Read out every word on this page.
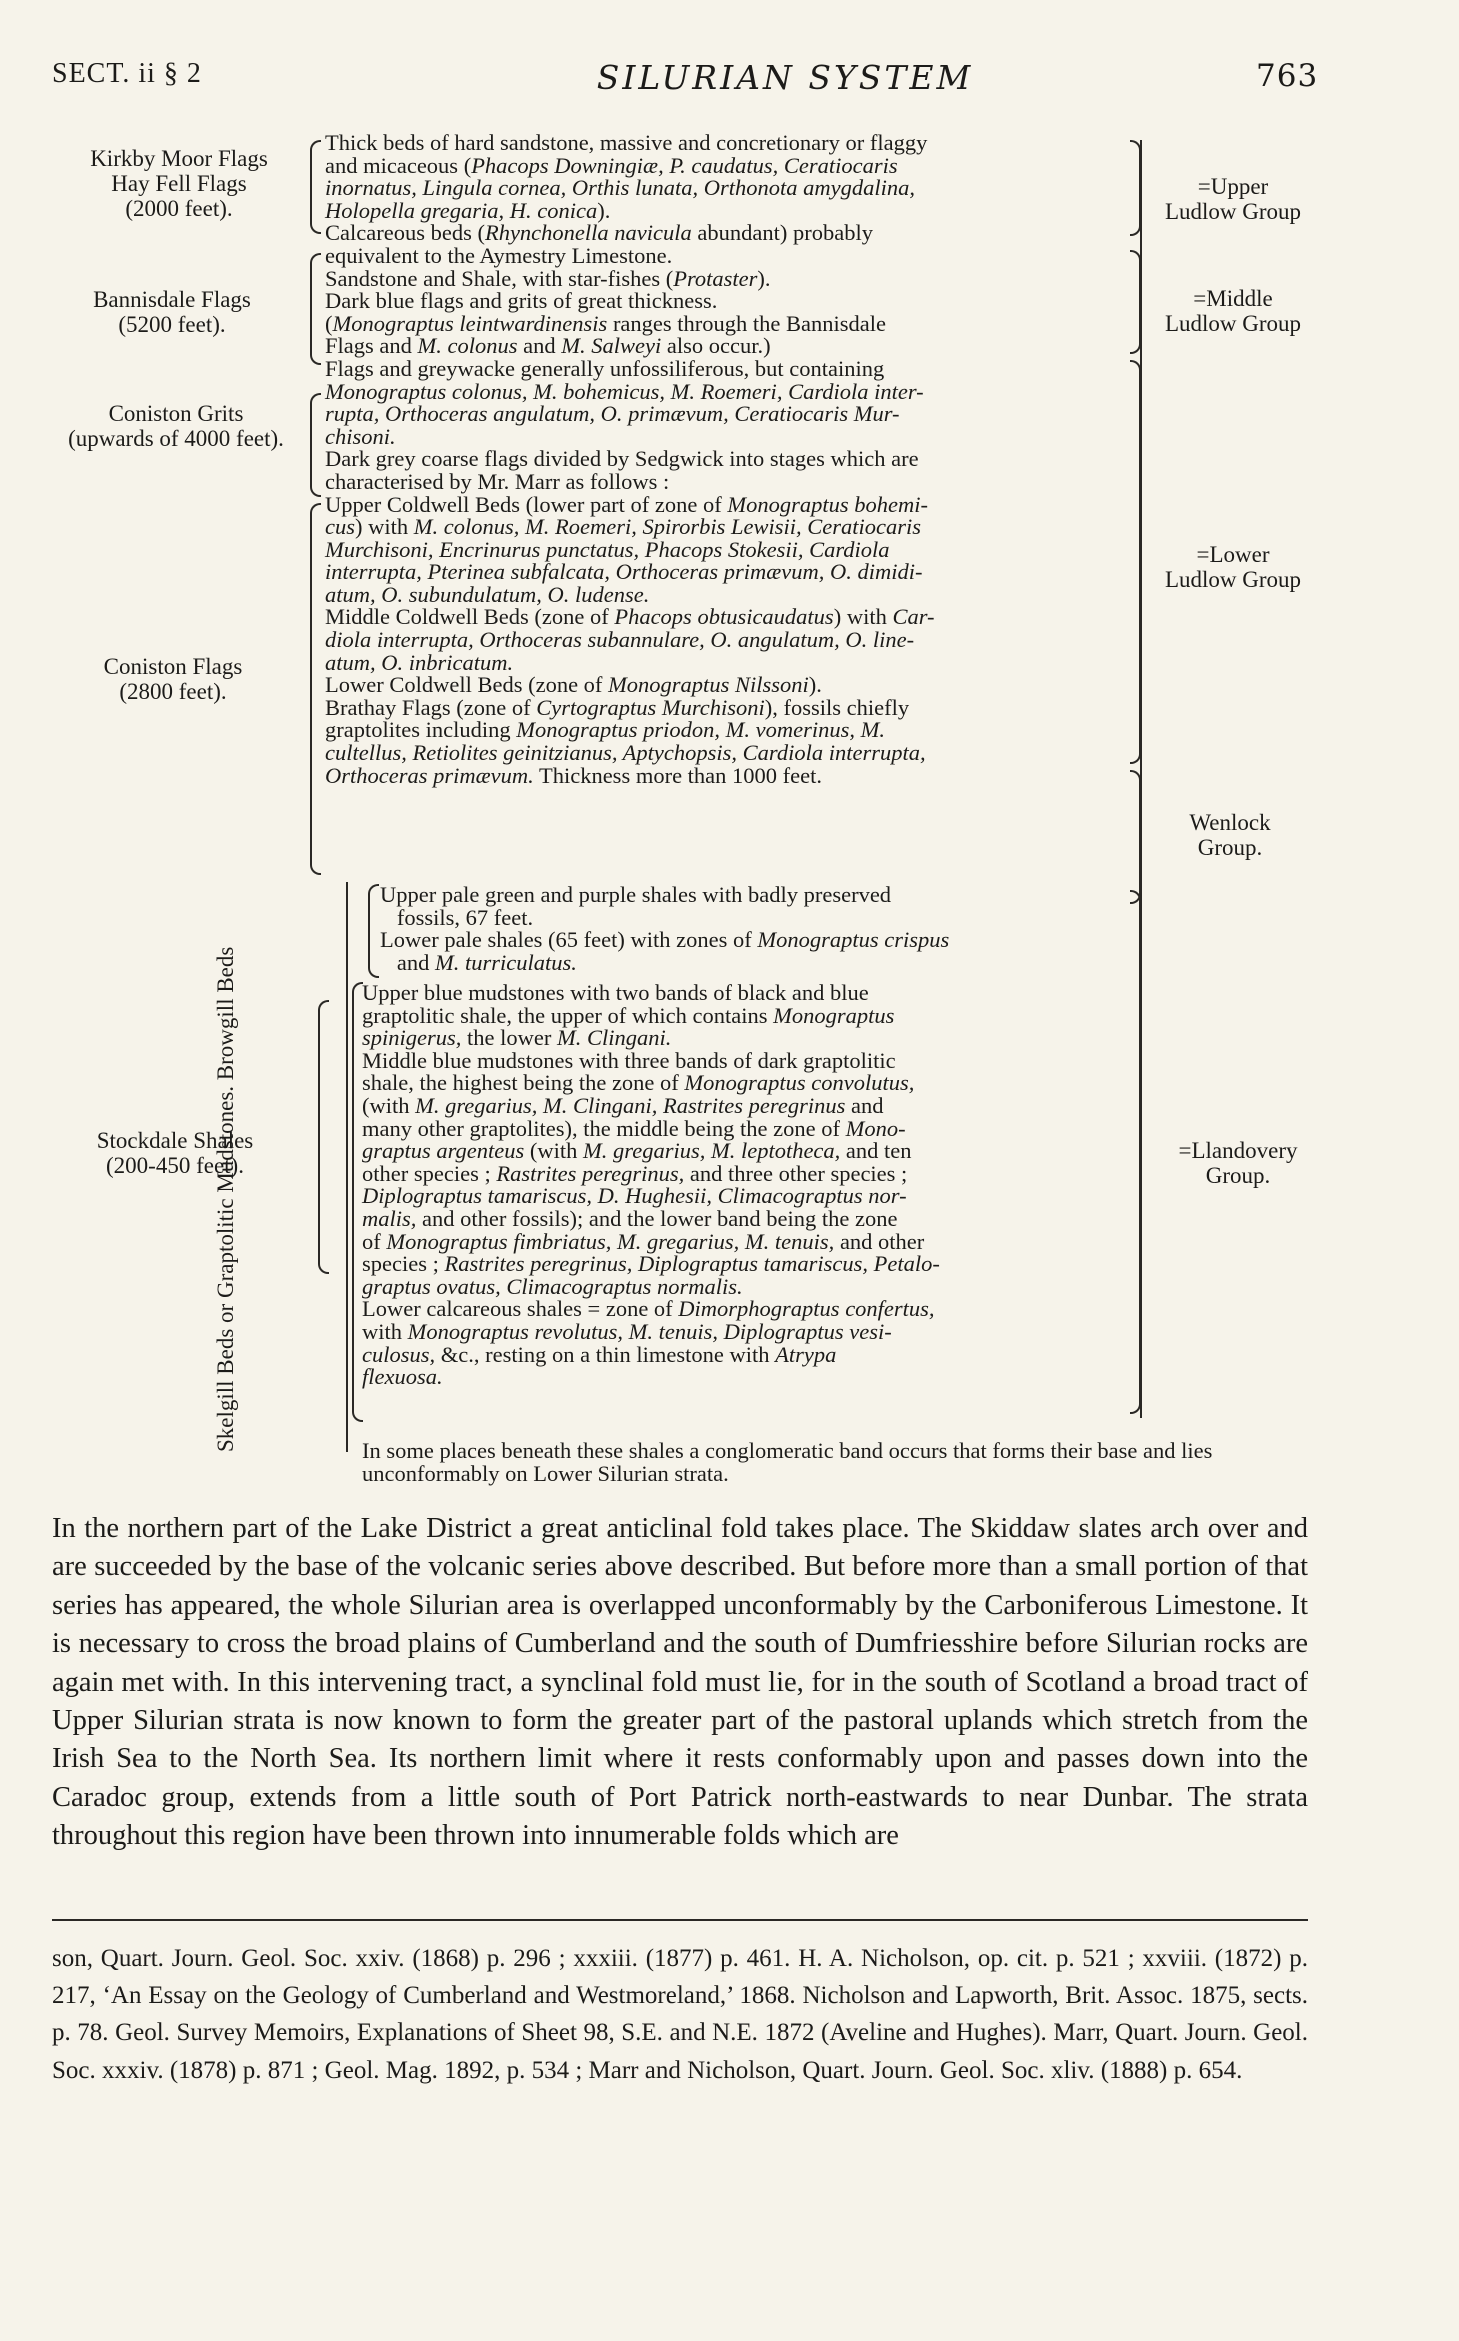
SECT. ii § 2	SILURIAN SYSTEM	763
Kirkby Moor Flags
Hay Fell Flags
(2000 feet).
Bannisdale Flags
(5200 feet).
Coniston Grits
(upwards of 4000 feet).
Coniston Flags
(2800 feet).
Stockdale Shales
(200-450 feet).
=Upper
Ludlow Group
=Middle
Ludlow Group
=Lower
Ludlow Group
Wenlock Group.
=Llandovery
Group.
Thick beds of hard sandstone, massive and concretionary or flaggy
and micaceous (Phacops Downingiæ, P. caudatus, Ceratiocaris
inornatus, Lingula cornea, Orthis lunata, Orthonota amygdalina,
Holopella gregaria, H. conica).
Calcareous beds (Rhynchonella navicula abundant) probably
equivalent to the Aymestry Limestone.
Sandstone and Shale, with star-fishes (Protaster).
Dark blue flags and grits of great thickness.
(Monograptus leintwardinensis ranges through the Bannisdale
Flags and M. colonus and M. Salweyi also occur.)
Flags and greywacke generally unfossiliferous, but containing
Monograptus colonus, M. bohemicus, M. Roemeri, Cardiola inter-
rupta, Orthoceras angulatum, O. primævum, Ceratiocaris Mur-
chisoni.
Dark grey coarse flags divided by Sedgwick into stages which are
characterised by Mr. Marr as follows :
Upper Coldwell Beds (lower part of zone of Monograptus bohemi-
cus) with M. colonus, M. Roemeri, Spirorbis Lewisii, Ceratiocaris
Murchisoni, Encrinurus punctatus, Phacops Stokesii, Cardiola
interrupta, Pterinea subfalcata, Orthoceras primævum, O. dimidi-
atum, O. subundulatum, O. ludense.
Middle Coldwell Beds (zone of Phacops obtusicaudatus) with Car-
diola interrupta, Orthoceras subannulare, O. angulatum, O. line-
atum, O. inbricatum.
Lower Coldwell Beds (zone of Monograptus Nilssoni).
Brathay Flags (zone of Cyrtograptus Murchisoni), fossils chiefly
graptolites including Monograptus priodon, M. vomerinus, M.
cultellus, Retiolites geinitzianus, Aptychopsis, Cardiola interrupta,
Orthoceras primævum. Thickness more than 1000 feet.
Skelgill Beds or Graptolitic Mudstones. Browgill Beds
Upper pale green and purple shales with badly preserved
fossils, 67 feet.
Lower pale shales (65 feet) with zones of Monograptus crispus
and M. turriculatus.
Upper blue mudstones with two bands of black and blue
graptolitic shale, the upper of which contains Monograptus
spinigerus, the lower M. Clingani.
Middle blue mudstones with three bands of dark graptolitic
shale, the highest being the zone of Monograptus convolutus,
(with M. gregarius, M. Clingani, Rastrites peregrinus and
many other graptolites), the middle being the zone of Mono-
graptus argenteus (with M. gregarius, M. leptotheca, and ten
other species ; Rastrites peregrinus, and three other species ;
Diplograptus tamariscus, D. Hughesii, Climacograptus nor-
malis, and other fossils); and the lower band being the zone
of Monograptus fimbriatus, M. gregarius, M. tenuis, and other
species ; Rastrites peregrinus, Diplograptus tamariscus, Petalo-
graptus ovatus, Climacograptus normalis.
Lower calcareous shales = zone of Dimorphograptus confertus,
with Monograptus revolutus, M. tenuis, Diplograptus vesi-
culosus, &c., resting on a thin limestone with Atrypa
flexuosa.
In some places beneath these shales a conglomeratic band occurs that forms their base and lies unconformably on Lower Silurian strata.
In the northern part of the Lake District a great anticlinal fold takes place. The Skiddaw slates arch over and are succeeded by the base of the volcanic series above described. But before more than a small portion of that series has appeared, the whole Silurian area is overlapped unconformably by the Carboniferous Limestone. It is necessary to cross the broad plains of Cumberland and the south of Dumfriesshire before Silurian rocks are again met with. In this intervening tract, a synclinal fold must lie, for in the south of Scotland a broad tract of Upper Silurian strata is now known to form the greater part of the pastoral uplands which stretch from the Irish Sea to the North Sea. Its northern limit where it rests conformably upon and passes down into the Caradoc group, extends from a little south of Port Patrick north-eastwards to near Dunbar. The strata throughout this region have been thrown into innumerable folds which are
son, Quart. Journ. Geol. Soc. xxiv. (1868) p. 296 ; xxxiii. (1877) p. 461. H. A. Nicholson, op. cit. p. 521 ; xxviii. (1872) p. 217, ‘An Essay on the Geology of Cumberland and Westmoreland,’ 1868. Nicholson and Lapworth, Brit. Assoc. 1875, sects. p. 78. Geol. Survey Memoirs, Explanations of Sheet 98, S.E. and N.E. 1872 (Aveline and Hughes). Marr, Quart. Journ. Geol. Soc. xxxiv. (1878) p. 871 ; Geol. Mag. 1892, p. 534 ; Marr and Nicholson, Quart. Journ. Geol. Soc. xliv. (1888) p. 654.
